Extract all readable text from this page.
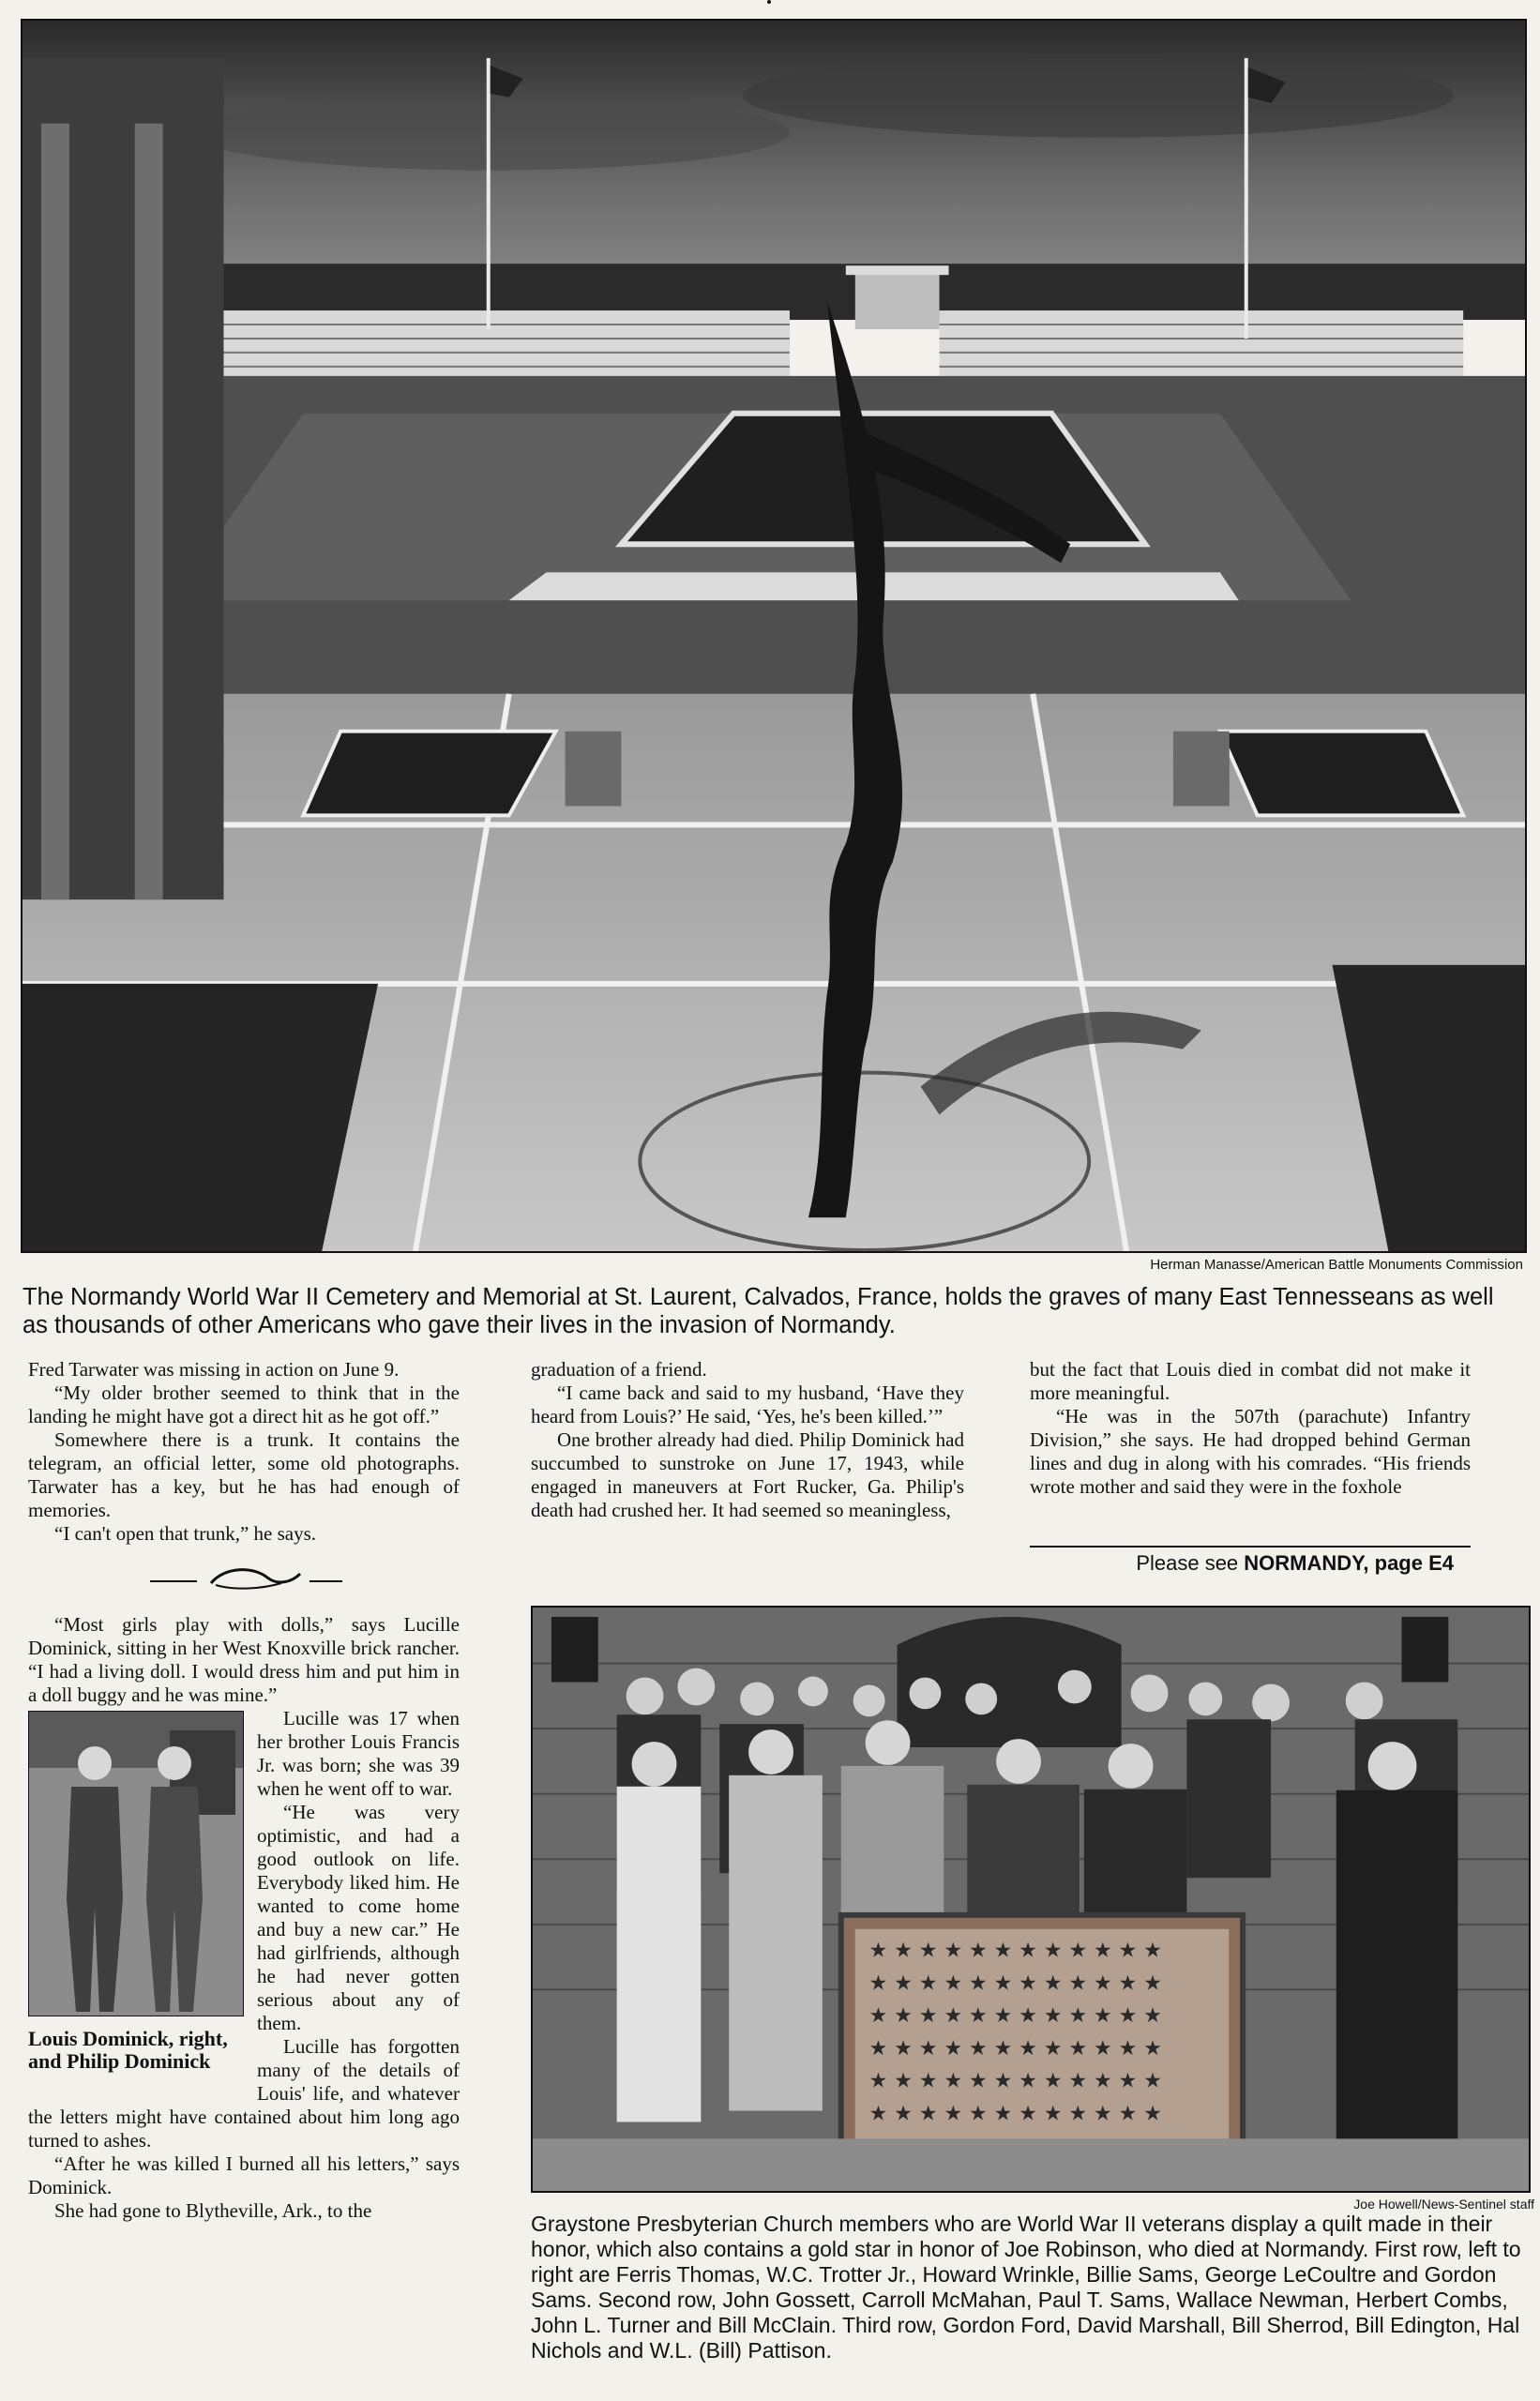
Herman Manasse/American Battle Monuments Commission
The Normandy World War II Cemetery and Memorial at St. Laurent, Calvados, France, holds the graves of many East Tennesseans as well as thousands of other Americans who gave their lives in the invasion of Normandy.

Fred Tarwater was missing in action on June 9.

“My older brother seemed to think that in the landing he might have got a direct hit as he got off.”

Somewhere there is a trunk. It contains the telegram, an official letter, some old photographs. Tarwater has a key, but he has had enough of memories.

“I can't open that trunk,” he says.

“Most girls play with dolls,” says Lucille Dominick, sitting in her West Knoxville brick rancher. “I had a living doll. I would dress him and put him in a doll buggy and he was mine.”

Louis Dominick, right, and Philip Dominick

Lucille was 17 when her brother Louis Francis Jr. was born; she was 39 when he went off to war.

“He was very optimistic, and had a good outlook on life. Everybody liked him. He wanted to come home and buy a new car.” He had girlfriends, although he had never gotten serious about any of them.

Lucille has forgotten many of the details of Louis' life, and whatever the letters might have contained about him long ago turned to ashes.

“After he was killed I burned all his letters,” says Dominick.

She had gone to Blytheville, Ark., to the

graduation of a friend.

“I came back and said to my husband, ‘Have they heard from Louis?’ He said, ‘Yes, he's been killed.’”

One brother already had died. Philip Dominick had succumbed to sunstroke on June 17, 1943, while engaged in maneuvers at Fort Rucker, Ga. Philip's death had crushed her. It had seemed so meaningless,

but the fact that Louis died in combat did not make it more meaningful.

“He was in the 507th (parachute) Infantry Division,” she says. He had dropped behind German lines and dug in along with his comrades. “His friends wrote mother and said they were in the foxhole

Please see NORMANDY, page E4
★ ★ ★ ★ ★ ★ ★ ★ ★ ★ ★ ★
★ ★ ★ ★ ★ ★ ★ ★ ★ ★ ★ ★
★ ★ ★ ★ ★ ★ ★ ★ ★ ★ ★ ★
★ ★ ★ ★ ★ ★ ★ ★ ★ ★ ★ ★
★ ★ ★ ★ ★ ★ ★ ★ ★ ★ ★ ★
★ ★ ★ ★ ★ ★ ★ ★ ★ ★ ★ ★
Joe Howell/News-Sentinel staff
Graystone Presbyterian Church members who are World War II veterans display a quilt made in their honor, which also contains a gold star in honor of Joe Robinson, who died at Normandy. First row, left to right are Ferris Thomas, W.C. Trotter Jr., Howard Wrinkle, Billie Sams, George LeCoultre and Gordon Sams. Second row, John Gossett, Carroll McMahan, Paul T. Sams, Wallace Newman, Herbert Combs, John L. Turner and Bill McClain. Third row, Gordon Ford, David Marshall, Bill Sherrod, Bill Edington, Hal Nichols and W.L. (Bill) Pattison.
